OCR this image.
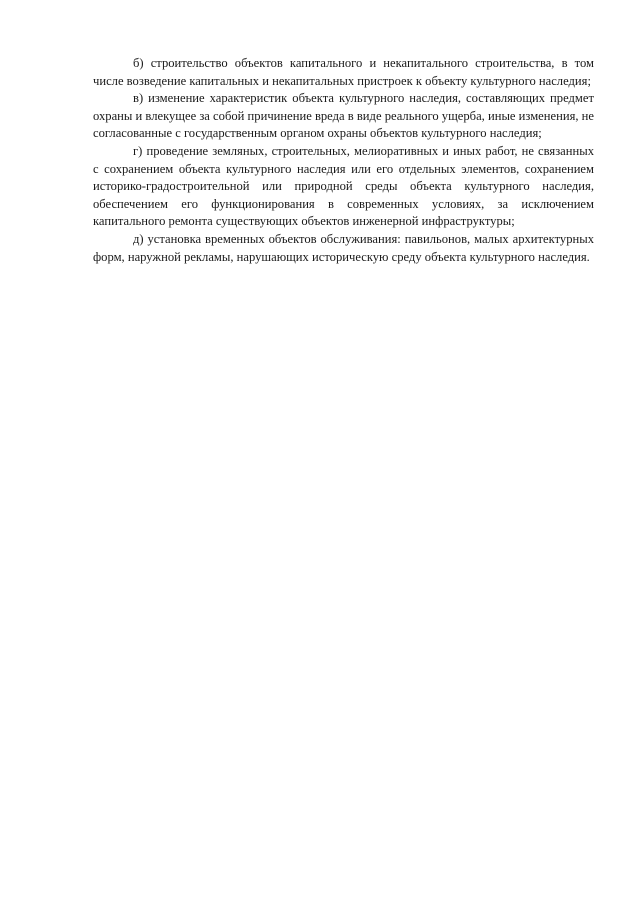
б) строительство объектов капитального и некапитального строительства, в том числе возведение капитальных и некапитальных пристроек к объекту культурного наследия;

в) изменение характеристик объекта культурного наследия, составляющих предмет охраны и влекущее за собой причинение вреда в виде реального ущерба, иные изменения, не согласованные с государственным органом охраны объектов культурного наследия;

г) проведение земляных, строительных, мелиоративных и иных работ, не связанных с сохранением объекта культурного наследия или его отдельных элементов, сохранением историко-градостроительной или природной среды объекта культурного наследия, обеспечением его функционирования в современных условиях, за исключением капитального ремонта существующих объектов инженерной инфраструктуры;

д) установка временных объектов обслуживания: павильонов, малых архитектурных форм, наружной рекламы, нарушающих историческую среду объекта культурного наследия.
